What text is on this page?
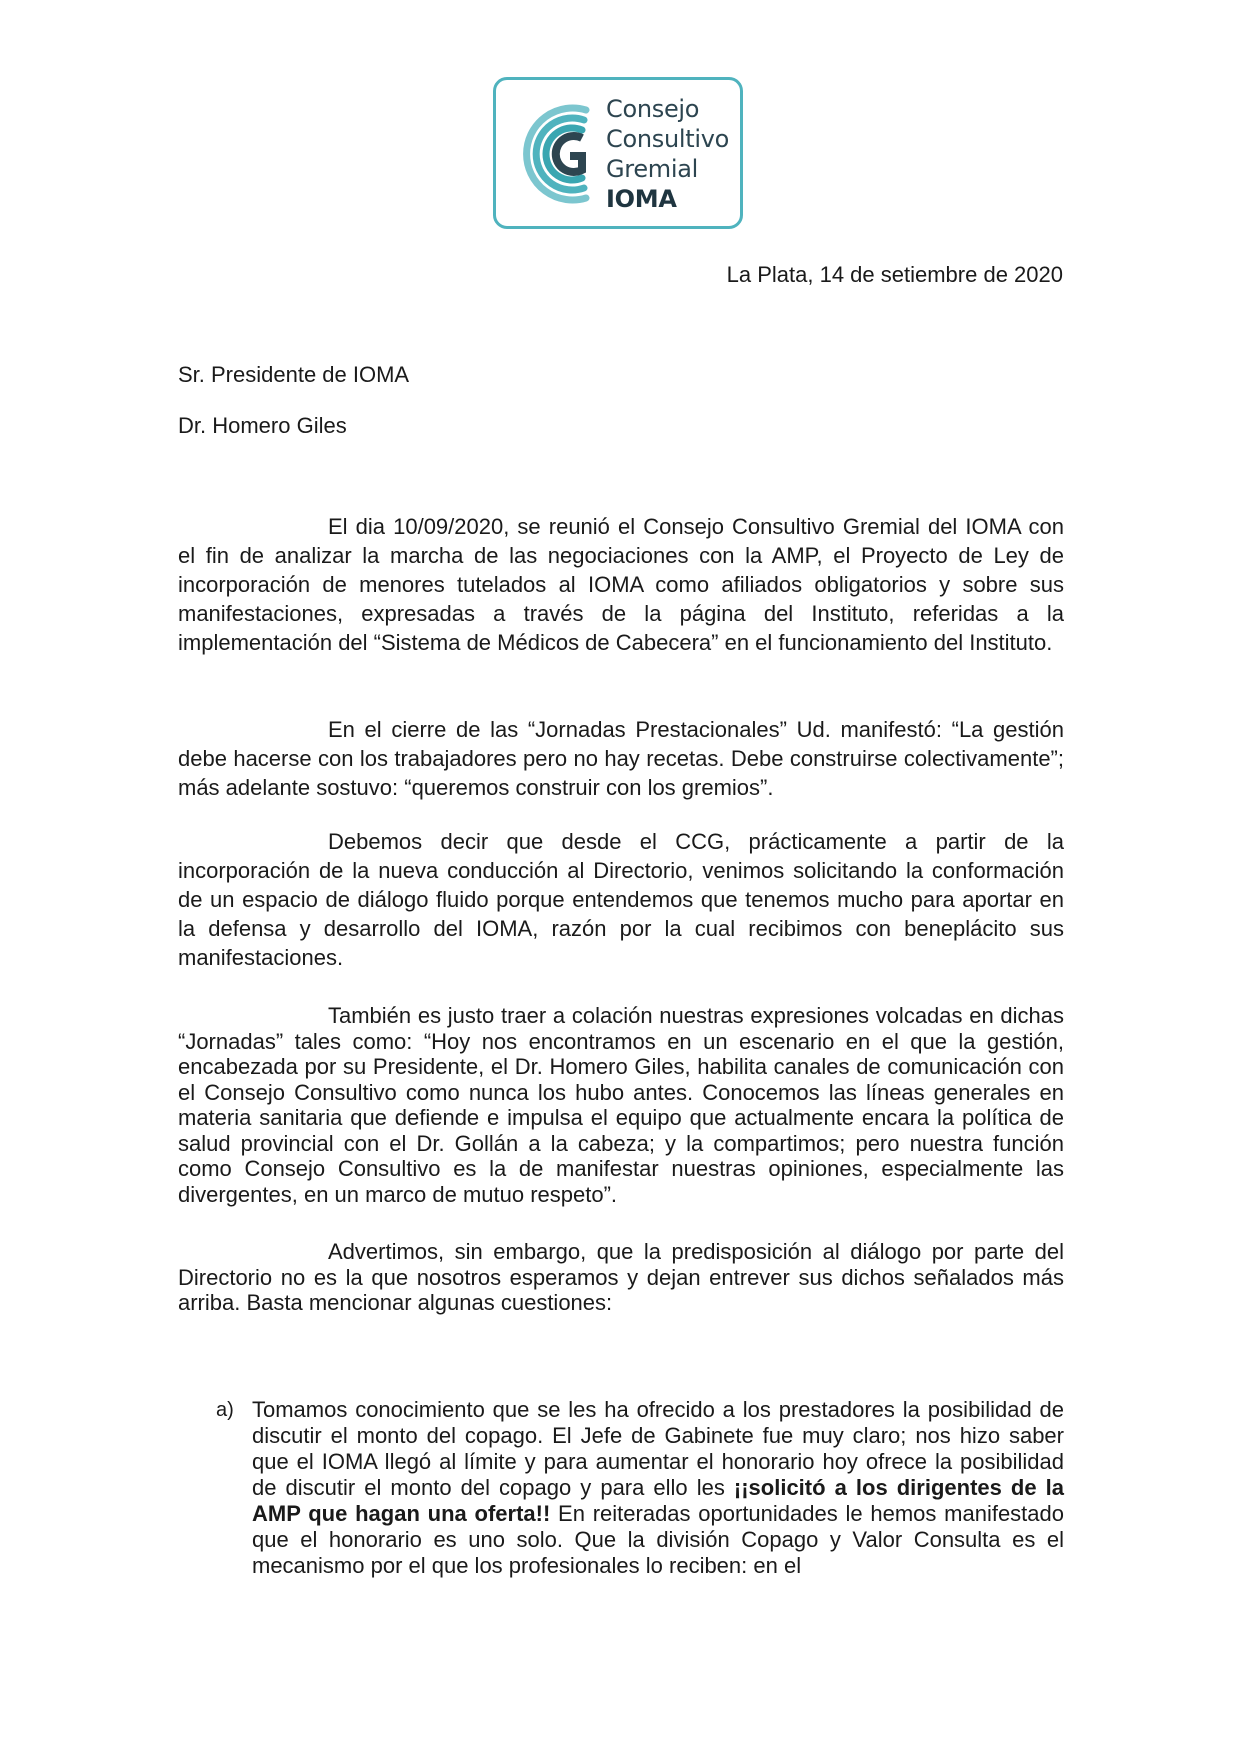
Consejo
Consultivo
Gremial
IOMA
La Plata, 14 de setiembre de 2020
Sr. Presidente de IOMA
Dr. Homero Giles
El dia 10/09/2020, se reunió el Consejo Consultivo Gremial del IOMA con el fin de analizar la marcha de las negociaciones con la AMP, el Proyecto de Ley de incorporación de menores tutelados al IOMA como afiliados obligatorios y sobre sus manifestaciones, expresadas a través de la página del Instituto, referidas a la implementación del “Sistema de Médicos de Cabecera” en el funcionamiento del Instituto.
En el cierre de las “Jornadas Prestacionales” Ud. manifestó: “La gestión debe hacerse con los trabajadores pero no hay recetas. Debe construirse colectivamente”; más adelante sostuvo: “queremos construir con los gremios”.
Debemos decir que desde el CCG, prácticamente a partir de la incorporación de la nueva conducción al Directorio, venimos solicitando la conformación de un espacio de diálogo fluido porque entendemos que tenemos mucho para aportar en la defensa y desarrollo del IOMA, razón por la cual recibimos con beneplácito sus manifestaciones.
También es justo traer a colación nuestras expresiones volcadas en dichas “Jornadas” tales como: “Hoy nos encontramos en un escenario en el que la gestión, encabezada por su Presidente, el Dr. Homero Giles, habilita canales de comunicación con el Consejo Consultivo como nunca los hubo antes. Conocemos las líneas generales en materia sanitaria que defiende e impulsa el equipo que actualmente encara la política de salud provincial con el Dr. Gollán a la cabeza; y la compartimos; pero nuestra función como Consejo Consultivo es la de manifestar nuestras opiniones, especialmente las divergentes, en un marco de mutuo respeto”.
Advertimos, sin embargo, que la predisposición al diálogo por parte del Directorio no es la que nosotros esperamos y dejan entrever sus dichos señalados más arriba. Basta mencionar algunas cuestiones:
a) Tomamos conocimiento que se les ha ofrecido a los prestadores la posibilidad de discutir el monto del copago. El Jefe de Gabinete fue muy claro; nos hizo saber que el IOMA llegó al límite y para aumentar el honorario hoy ofrece la posibilidad de discutir el monto del copago y para ello les ¡¡solicitó a los dirigentes de la AMP que hagan una oferta!! En reiteradas oportunidades le hemos manifestado que el honorario es uno solo. Que la división Copago y Valor Consulta es el mecanismo por el que los profesionales lo reciben: en el
